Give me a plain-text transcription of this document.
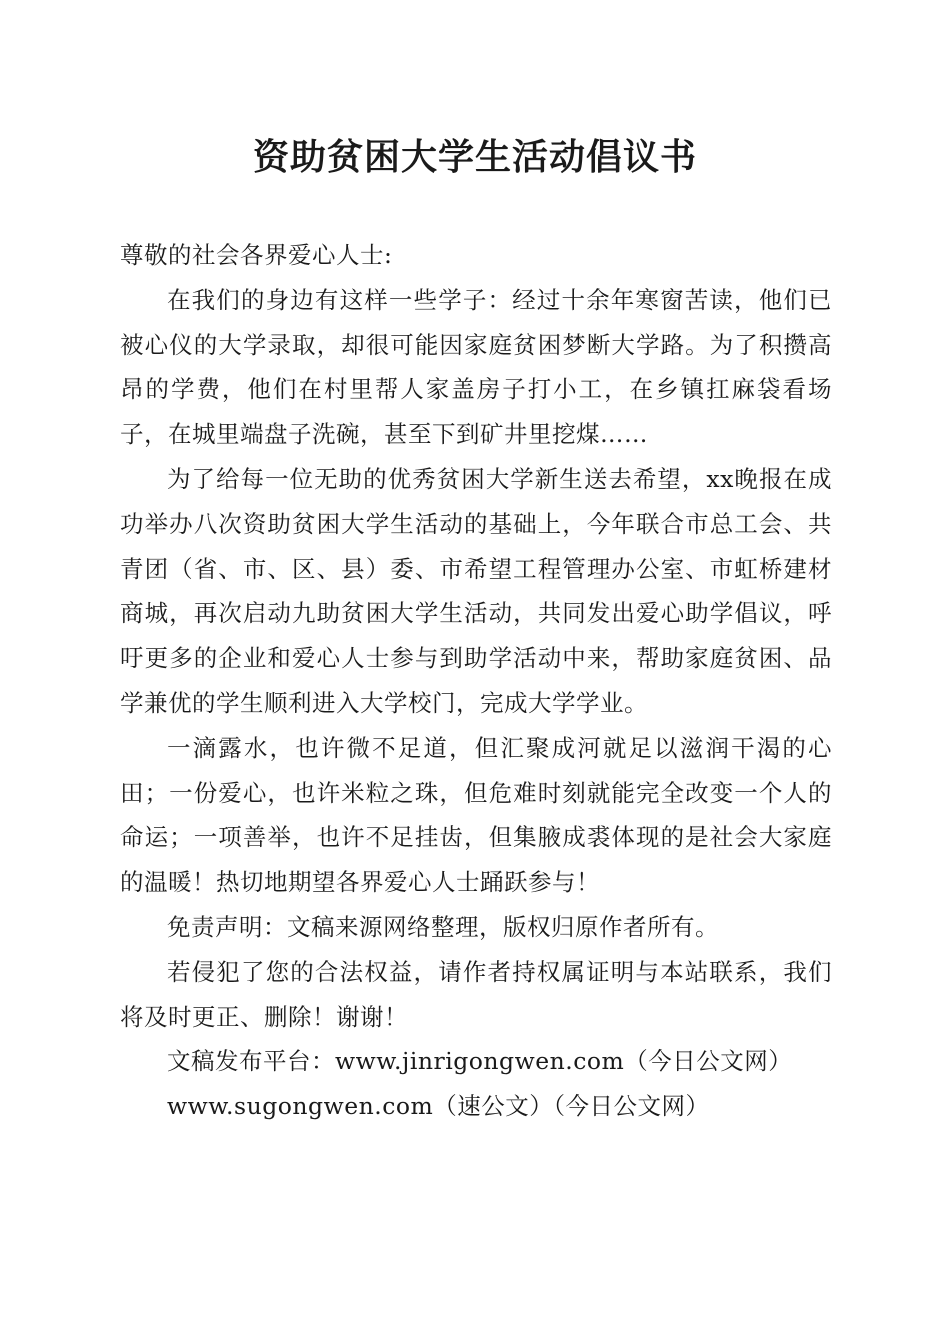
资助贫困大学生活动倡议书

尊敬的社会各界爱心人士:

在我们的身边有这样一些学子：经过十余年寒窗苦读，他们已被心仪的大学录取，却很可能因家庭贫困梦断大学路。为了积攒高昂的学费，他们在村里帮人家盖房子打小工，在乡镇扛麻袋看场子，在城里端盘子洗碗，甚至下到矿井里挖煤……

为了给每一位无助的优秀贫困大学新生送去希望，xx晚报在成功举办八次资助贫困大学生活动的基础上，今年联合市总工会、共青团（省、市、区、县）委、市希望工程管理办公室、市虹桥建材商城，再次启动九助贫困大学生活动，共同发出爱心助学倡议，呼吁更多的企业和爱心人士参与到助学活动中来，帮助家庭贫困、品学兼优的学生顺利进入大学校门，完成大学学业。

一滴露水，也许微不足道，但汇聚成河就足以滋润干渴的心田；一份爱心，也许米粒之珠，但危难时刻就能完全改变一个人的命运；一项善举，也许不足挂齿，但集腋成裘体现的是社会大家庭的温暖！热切地期望各界爱心人士踊跃参与！

免责声明：文稿来源网络整理，版权归原作者所有。

若侵犯了您的合法权益，请作者持权属证明与本站联系，我们将及时更正、删除！谢谢！

文稿发布平台：www.jinrigongwen.com（今日公文网）

www.sugongwen.com（速公文）（今日公文网）
